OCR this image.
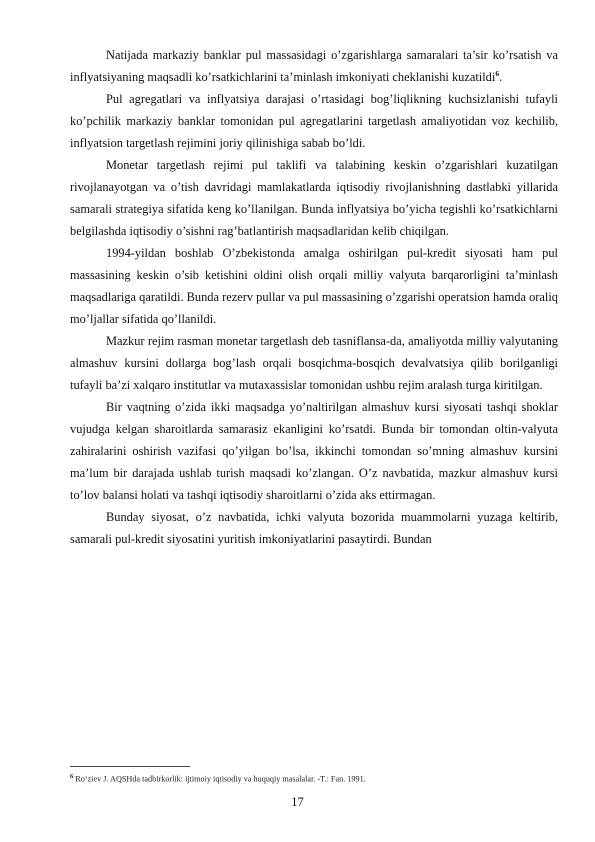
Natijada markaziy banklar pul massasidagi o’zgarishlarga samaralari ta’sir ko’rsatish va inflyatsiyaning maqsadli ko’rsatkichlarini ta’minlash imkoniyati cheklanishi kuzatildi$^6$.

Pul agregatlari va inflyatsiya darajasi o’rtasidagi bog’liqlikning kuchsizlanishi tufayli ko’pchilik markaziy banklar tomonidan pul agregatlarini targetlash amaliyotidan voz kechilib, inflyatsion targetlash rejimini joriy qilinishiga sabab bo’ldi.

Monetar targetlash rejimi pul taklifi va talabining keskin o’zgarishlari kuzatilgan rivojlanayotgan va o’tish davridagi mamlakatlarda iqtisodiy rivojlanishning dastlabki yillarida samarali strategiya sifatida keng ko’llanilgan. Bunda inflyatsiya bo’yicha tegishli ko’rsatkichlarni belgilashda iqtisodiy o’sishni rag’batlantirish maqsadlaridan kelib chiqilgan.

1994-yildan boshlab O’zbekistonda amalga oshirilgan pul-kredit siyosati ham pul massasining keskin o’sib ketishini oldini olish orqali milliy valyuta barqarorligini ta’minlash maqsadlariga qaratildi. Bunda rezerv pullar va pul massasining o’zgarishi operatsion hamda oraliq mo’ljallar sifatida qo’llanildi.

Mazkur rejim rasman monetar targetlash deb tasniflansa-da, amaliyotda milliy valyutaning almashuv kursini dollarga bog’lash orqali bosqichma-bosqich devalvatsiya qilib borilganligi tufayli ba’zi xalqaro institutlar va mutaxassislar tomonidan ushbu rejim aralash turga kiritilgan.

Bir vaqtning o’zida ikki maqsadga yo’naltirilgan almashuv kursi siyosati tashqi shoklar vujudga kelgan sharoitlarda samarasiz ekanligini ko’rsatdi. Bunda bir tomondan oltin-valyuta zahiralarini oshirish vazifasi qo’yilgan bo’lsa, ikkinchi tomondan so’mning almashuv kursini ma’lum bir darajada ushlab turish maqsadi ko’zlangan. O’z navbatida, mazkur almashuv kursi to’lov balansi holati va tashqi iqtisodiy sharoitlarni o’zida aks ettirmagan.

Bunday siyosat, o’z navbatida, ichki valyuta bozorida muammolarni yuzaga keltirib, samarali pul-kredit siyosatini yuritish imkoniyatlarini pasaytirdi. Bundan

$^6$ Ro‘ziev J. AQSHda tadbirkorlik: ijtimoiy iqtisodiy va huquqiy masalalar. -T.: Fan. 1991.
17
